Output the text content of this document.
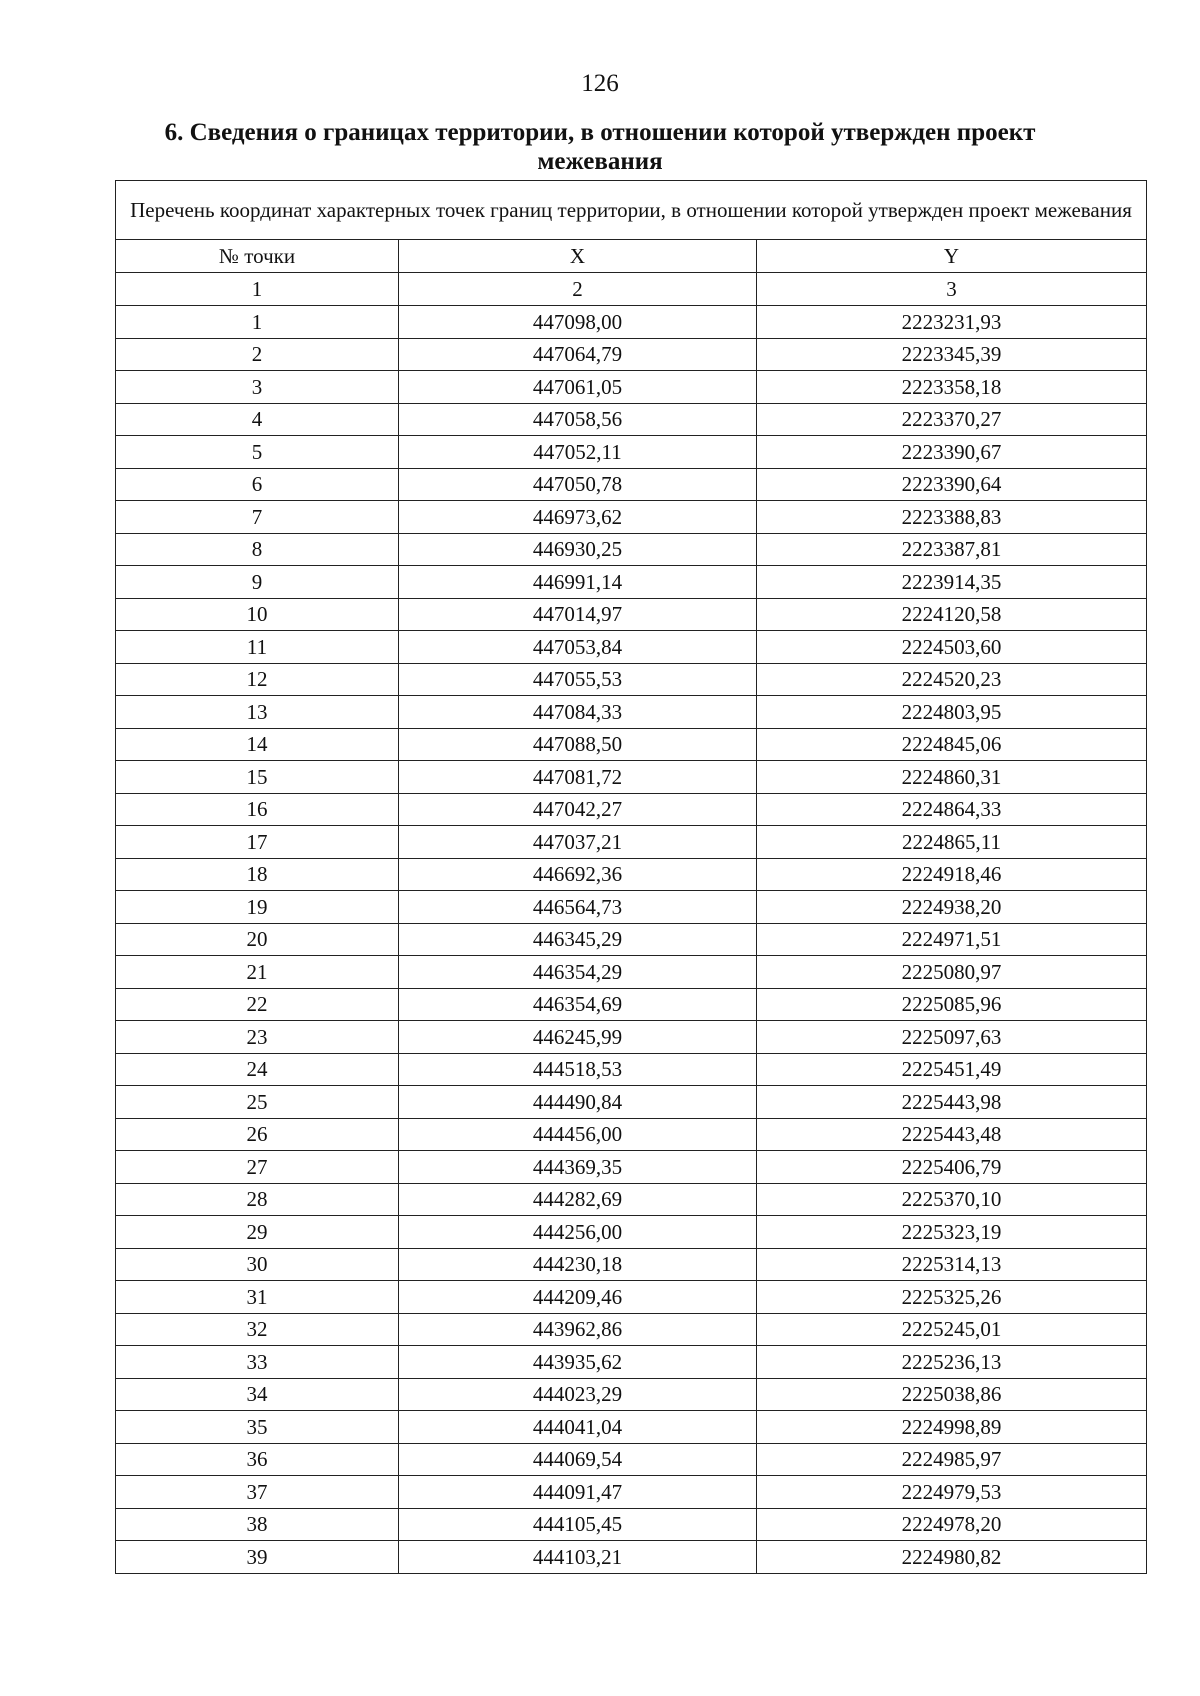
126
6. Сведения о границах территории, в отношении которой утвержден проект межевания
Перечень координат характерных точек границ территории, в отношении которой утвержден проект межевания		
№ точки	X	Y
1	2	3
1	447098,00	2223231,93
2	447064,79	2223345,39
3	447061,05	2223358,18
4	447058,56	2223370,27
5	447052,11	2223390,67
6	447050,78	2223390,64
7	446973,62	2223388,83
8	446930,25	2223387,81
9	446991,14	2223914,35
10	447014,97	2224120,58
11	447053,84	2224503,60
12	447055,53	2224520,23
13	447084,33	2224803,95
14	447088,50	2224845,06
15	447081,72	2224860,31
16	447042,27	2224864,33
17	447037,21	2224865,11
18	446692,36	2224918,46
19	446564,73	2224938,20
20	446345,29	2224971,51
21	446354,29	2225080,97
22	446354,69	2225085,96
23	446245,99	2225097,63
24	444518,53	2225451,49
25	444490,84	2225443,98
26	444456,00	2225443,48
27	444369,35	2225406,79
28	444282,69	2225370,10
29	444256,00	2225323,19
30	444230,18	2225314,13
31	444209,46	2225325,26
32	443962,86	2225245,01
33	443935,62	2225236,13
34	444023,29	2225038,86
35	444041,04	2224998,89
36	444069,54	2224985,97
37	444091,47	2224979,53
38	444105,45	2224978,20
39	444103,21	2224980,82
